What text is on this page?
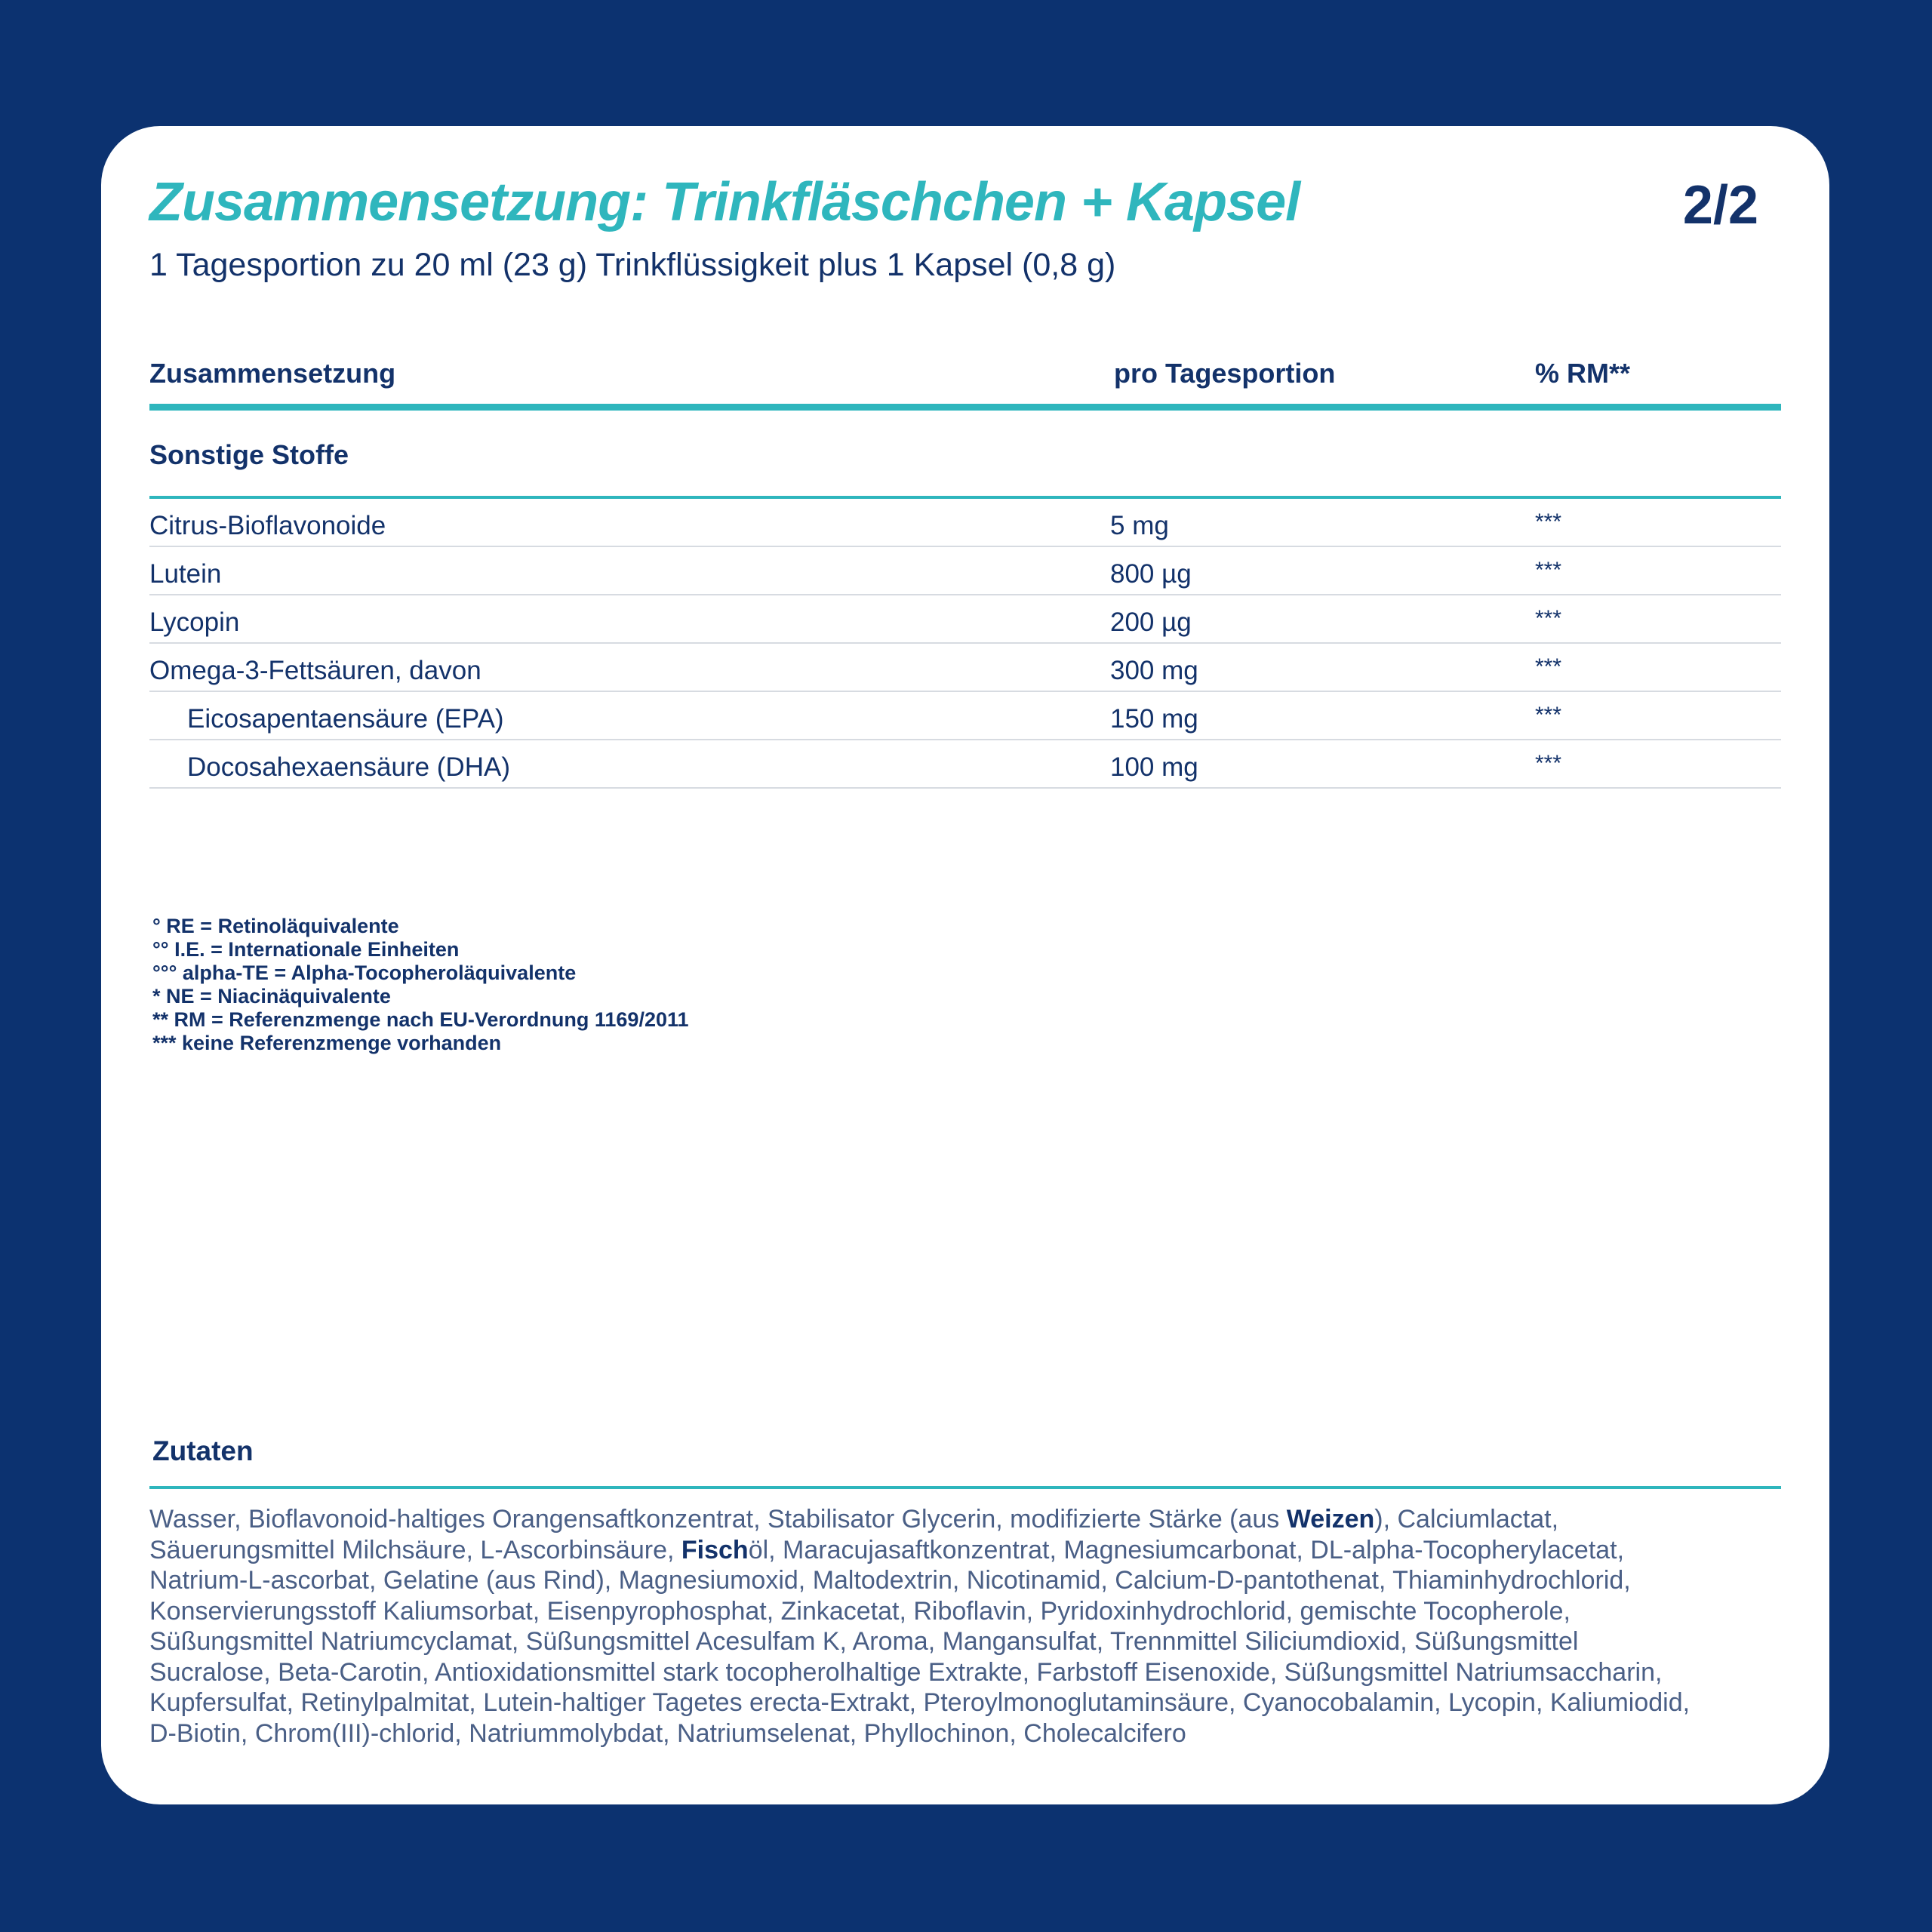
Zusammensetzung: Trinkfläschchen + Kapsel	2/2
1 Tagesportion zu 20 ml (23 g) Trinkflüssigkeit plus 1 Kapsel (0,8 g)
Zusammensetzung	pro Tagesportion	% RM**
Sonstige Stoffe
Citrus-Bioflavonoide	5 mg	***
Lutein	800 µg	***
Lycopin	200 µg	***
Omega-3-Fettsäuren, davon	300 mg	***
Eicosapentaensäure (EPA)	150 mg	***
Docosahexaensäure (DHA)	100 mg	***
° RE = Retinoläquivalente
°° I.E. = Internationale Einheiten
°°° alpha-TE = Alpha-Tocopheroläquivalente
* NE = Niacinäquivalente
** RM = Referenzmenge nach EU-Verordnung 1169/2011
*** keine Referenzmenge vorhanden
Zutaten
Wasser, Bioflavonoid-haltiges Orangensaftkonzentrat, Stabilisator Glycerin, modifizierte Stärke (aus Weizen), Calciumlactat,
Säuerungsmittel Milchsäure, L-Ascorbinsäure, Fischöl, Maracujasaftkonzentrat, Magnesiumcarbonat, DL-alpha-Tocopherylacetat,
Natrium-L-ascorbat, Gelatine (aus Rind), Magnesiumoxid, Maltodextrin, Nicotinamid, Calcium-D-pantothenat, Thiaminhydrochlorid,
Konservierungsstoff Kaliumsorbat, Eisenpyrophosphat, Zinkacetat, Riboflavin, Pyridoxinhydrochlorid, gemischte Tocopherole,
Süßungsmittel Natriumcyclamat, Süßungsmittel Acesulfam K, Aroma, Mangansulfat, Trennmittel Siliciumdioxid, Süßungsmittel
Sucralose, Beta-Carotin, Antioxidationsmittel stark tocopherolhaltige Extrakte, Farbstoff Eisenoxide, Süßungsmittel Natriumsaccharin,
Kupfersulfat, Retinylpalmitat, Lutein-haltiger Tagetes erecta-Extrakt, Pteroylmonoglutaminsäure, Cyanocobalamin, Lycopin, Kaliumiodid,
D-Biotin, Chrom(III)-chlorid, Natriummolybdat, Natriumselenat, Phyllochinon, Cholecalcifero
